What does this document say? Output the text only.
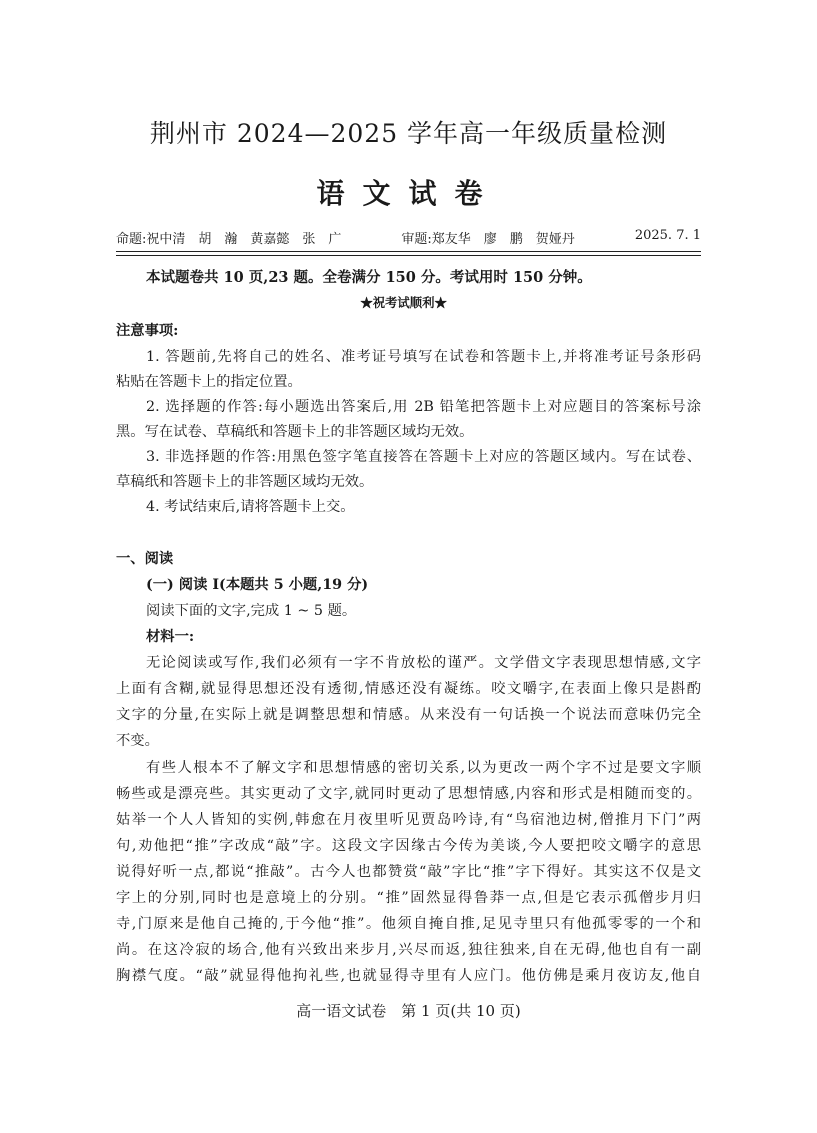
荆州市 2024—2025 学年高一年级质量检测
语文试卷
命题:祝中清　胡　瀚　黄嘉懿　张　广	审题:郑友华　廖　鹏　贺娅丹	2025. 7. 1
本试题卷共 10 页,23 题。全卷满分 150 分。考试用时 150 分钟。
★祝考试顺利★
注意事项:
1. 答题前,先将自己的姓名、准考证号填写在试卷和答题卡上,并将准考证号条形码
粘贴在答题卡上的指定位置。
2. 选择题的作答:每小题选出答案后,用 2B 铅笔把答题卡上对应题目的答案标号涂
黑。写在试卷、草稿纸和答题卡上的非答题区域均无效。
3. 非选择题的作答:用黑色签字笔直接答在答题卡上对应的答题区域内。写在试卷、
草稿纸和答题卡上的非答题区域均无效。
4. 考试结束后,请将答题卡上交。
一、阅读
(一) 阅读 I(本题共 5 小题,19 分)
阅读下面的文字,完成 1 ~ 5 题。
材料一:
无论阅读或写作,我们必须有一字不肯放松的谨严。文学借文字表现思想情感,文字
上面有含糊,就显得思想还没有透彻,情感还没有凝练。咬文嚼字,在表面上像只是斟酌
文字的分量,在实际上就是调整思想和情感。从来没有一句话换一个说法而意味仍完全
不变。
有些人根本不了解文字和思想情感的密切关系,以为更改一两个字不过是要文字顺
畅些或是漂亮些。其实更动了文字,就同时更动了思想情感,内容和形式是相随而变的。
姑举一个人人皆知的实例,韩愈在月夜里听见贾岛吟诗,有“鸟宿池边树,僧推月下门”两
句,劝他把“推”字改成“敲”字。这段文字因缘古今传为美谈,今人要把咬文嚼字的意思
说得好听一点,都说“推敲”。古今人也都赞赏“敲”字比“推”字下得好。其实这不仅是文
字上的分别,同时也是意境上的分别。“推”固然显得鲁莽一点,但是它表示孤僧步月归
寺,门原来是他自己掩的,于今他“推”。他须自掩自推,足见寺里只有他孤零零的一个和
尚。在这冷寂的场合,他有兴致出来步月,兴尽而返,独往独来,自在无碍,他也自有一副
胸襟气度。“敲”就显得他拘礼些,也就显得寺里有人应门。他仿佛是乘月夜访友,他自
高一语文试卷　第 1 页(共 10 页)
